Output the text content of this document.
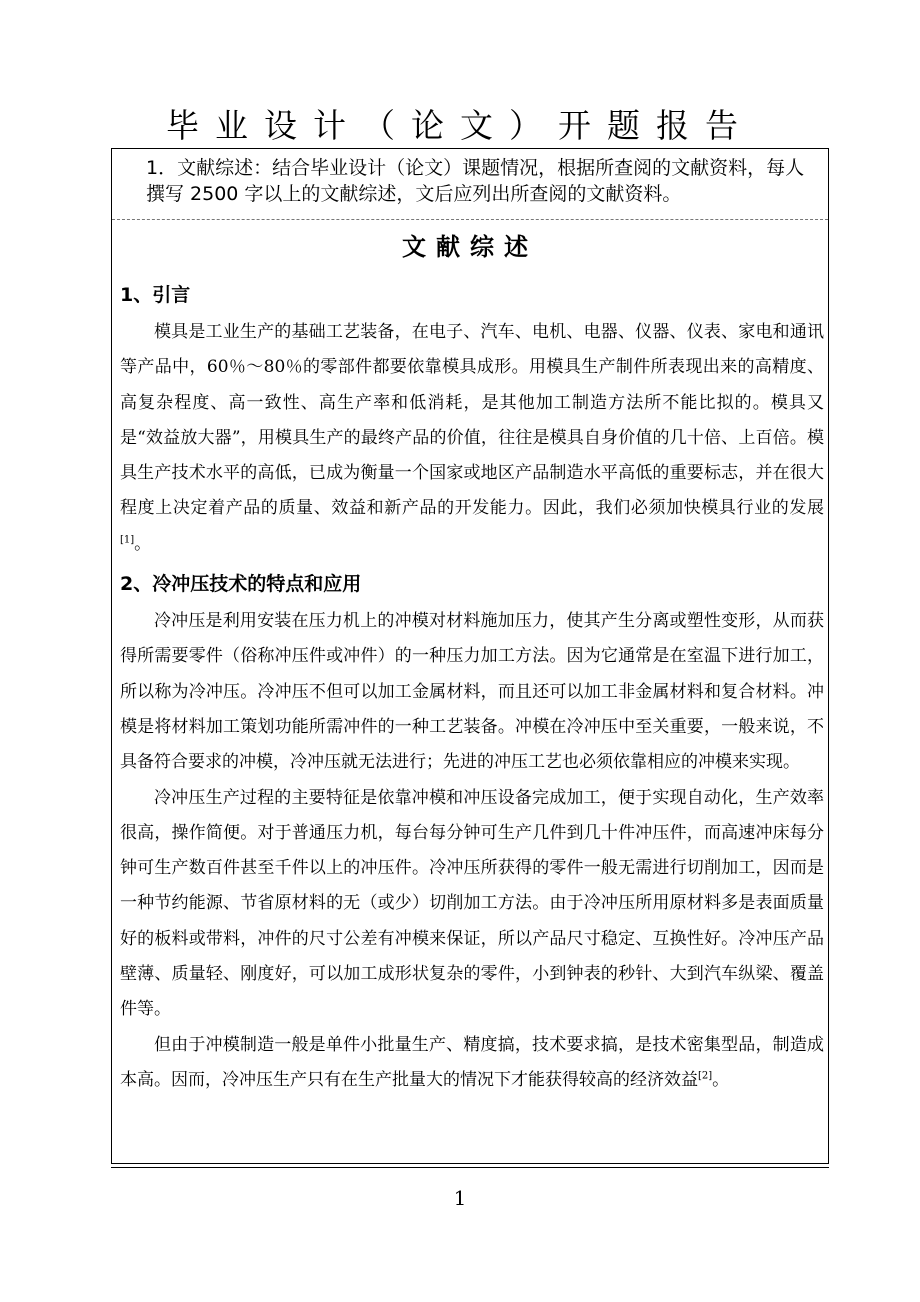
毕业设计（论文）开题报告
1．文献综述：结合毕业设计（论文）课题情况，根据所查阅的文献资料，每人撰写 2500 字以上的文献综述，文后应列出所查阅的文献资料。
文献综述
1、引言

模具是工业生产的基础工艺装备，在电子、汽车、电机、电器、仪器、仪表、家电和通讯等产品中，60％～80％的零部件都要依靠模具成形。用模具生产制件所表现出来的高精度、高复杂程度、高一致性、高生产率和低消耗，是其他加工制造方法所不能比拟的。模具又是“效益放大器”，用模具生产的最终产品的价值，往往是模具自身价值的几十倍、上百倍。模具生产技术水平的高低，已成为衡量一个国家或地区产品制造水平高低的重要标志，并在很大程度上决定着产品的质量、效益和新产品的开发能力。因此，我们必须加快模具行业的发展[1]。

2、冷冲压技术的特点和应用

冷冲压是利用安装在压力机上的冲模对材料施加压力，使其产生分离或塑性变形，从而获得所需要零件（俗称冲压件或冲件）的一种压力加工方法。因为它通常是在室温下进行加工，所以称为冷冲压。冷冲压不但可以加工金属材料，而且还可以加工非金属材料和复合材料。冲模是将材料加工策划功能所需冲件的一种工艺装备。冲模在冷冲压中至关重要，一般来说，不具备符合要求的冲模，冷冲压就无法进行；先进的冲压工艺也必须依靠相应的冲模来实现。

冷冲压生产过程的主要特征是依靠冲模和冲压设备完成加工，便于实现自动化，生产效率很高，操作简便。对于普通压力机，每台每分钟可生产几件到几十件冲压件，而高速冲床每分钟可生产数百件甚至千件以上的冲压件。冷冲压所获得的零件一般无需进行切削加工，因而是一种节约能源、节省原材料的无（或少）切削加工方法。由于冷冲压所用原材料多是表面质量好的板料或带料，冲件的尺寸公差有冲模来保证，所以产品尺寸稳定、互换性好。冷冲压产品壁薄、质量轻、刚度好，可以加工成形状复杂的零件，小到钟表的秒针、大到汽车纵梁、覆盖件等。

但由于冲模制造一般是单件小批量生产、精度搞，技术要求搞，是技术密集型品，制造成本高。因而，冷冲压生产只有在生产批量大的情况下才能获得较高的经济效益[2]。

1
